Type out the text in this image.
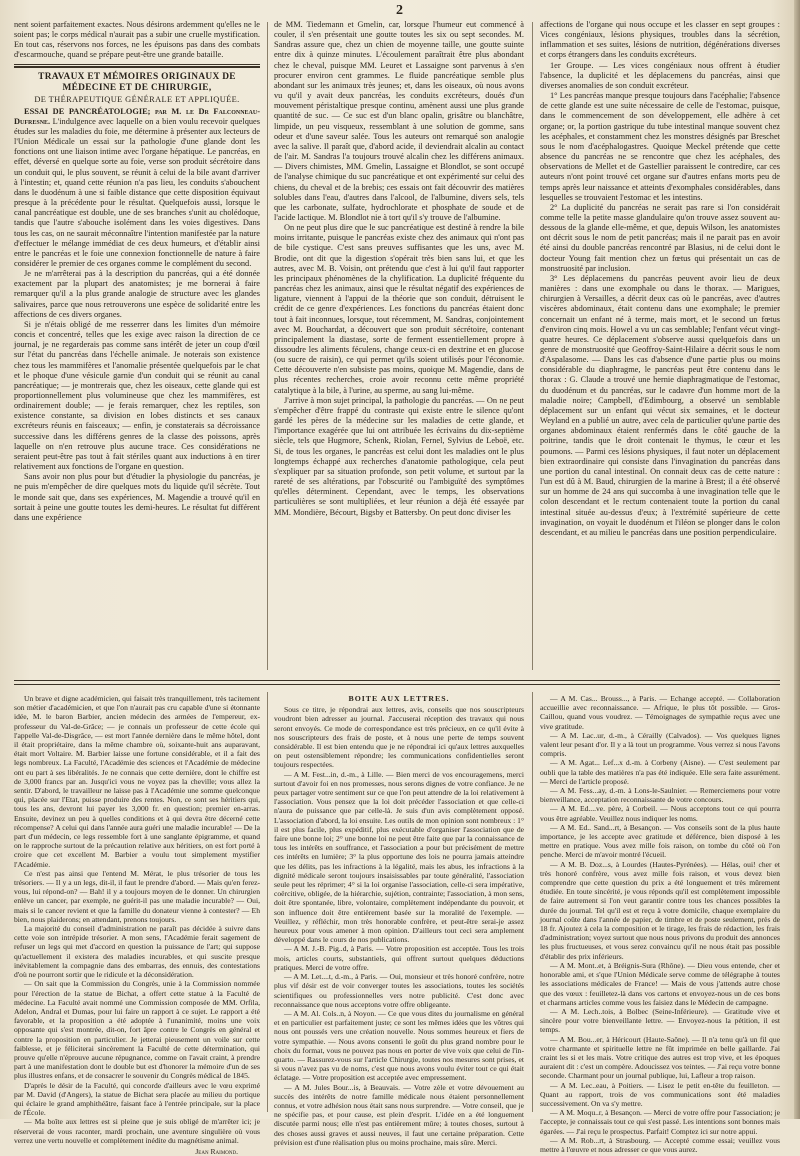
2

nent soient parfaitement exactes. Nous désirons ardemment qu'elles ne le soient pas; le corps médical n'aurait pas a subir une cruelle mystification. En tout cas, réservons nos forces, ne les épuisons pas dans des combats d'escarmouche, quand se prépare peut-être une grande bataille.

TRAVAUX ET MÉMOIRES ORIGINAUX DE MÉDECINE ET DE CHIRURGIE,

DE THÉRAPEUTIQUE GÉNÉRALE ET APPLIQUÉE.

ESSAI DE PANCRÉATOLOGIE; par M. le Dr Falconneau-Dufresne. L'indulgence avec laquelle on a bien voulu recevoir quelques études sur les maladies du foie, me détermine à présenter aux lecteurs de l'Union Médicale un essai sur la pathologie d'une glande dont les fonctions ont une liaison intime avec l'organe hépatique. Le pancréas, en effet, déversé en quelque sorte au foie, verse son produit sécrétoire dans un conduit qui, le plus souvent, se réunit à celui de la bile avant d'arriver à l'intestin; et, quand cette réunion n'a pas lieu, les conduits s'abouchent dans le duodénum à une si faible distance que cette disposition équivaut presque à la précédente pour le résultat. Quelquefois aussi, lorsque le canal pancréatique est double, une de ses branches s'unit au cholédoque, tandis que l'autre s'abouche isolément dans les voies digestives. Dans tous les cas, on ne saurait méconnaître l'intention manifestée par la nature d'effectuer le mélange immédiat de ces deux humeurs, et d'établir ainsi entre le pancréas et le foie une connexion fonctionnelle de nature à faire considérer le premier de ces organes comme le complément du second.

Je ne m'arrêterai pas à la description du pancréas, qui a été donnée exactement par la plupart des anatomistes; je me bornerai à faire remarquer qu'il a la plus grande analogie de structure avec les glandes salivaires, parce que nous retrouverons une espèce de solidarité entre les affections de ces divers organes.

Si je n'étais obligé de me resserrer dans les limites d'un mémoire concis et concentré, telles que les exige avec raison la direction de ce journal, je ne regarderais pas comme sans intérêt de jeter un coup d'œil sur l'état du pancréas dans l'échelle animale. Je noterais son existence chez tous les mammifères et l'anomalie présentée quelquefois par le chat et le phoque d'une vésicule garnie d'un conduit qui se réunit au canal pancréatique; — je montrerais que, chez les oiseaux, cette glande qui est proportionnellement plus volumineuse que chez les mammifères, est ordinairement double; — je ferais remarquer, chez les reptiles, son existence constante, sa division en lobes distincts et ses canaux excréteurs réunis en faisceaux; — enfin, je constaterais sa décroissance successive dans les différens genres de la classe des poissons, après laquelle on n'en retrouve plus aucune trace. Ces considérations ne seraient peut-être pas tout à fait stériles quant aux inductions à en tirer relativement aux fonctions de l'organe en question.

Sans avoir non plus pour but d'étudier la physiologie du pancréas, je ne puis m'empêcher de dire quelques mots du liquide qu'il sécrète. Tout le monde sait que, dans ses expériences, M. Magendie a trouvé qu'il en sortait à peine une goutte toutes les demi-heures. Le résultat fut différent dans une expérience

de MM. Tiedemann et Gmelin, car, lorsque l'humeur eut commencé à couler, il s'en présentait une goutte toutes les six ou sept secondes. M. Sandras assure que, chez un chien de moyenne taille, une goutte suinte entre dix à quinze minutes. L'écoulement paraîtrait être plus abondant chez le cheval, puisque MM. Leuret et Lassaigne sont parvenus à s'en procurer environ cent grammes. Le fluide pancréatique semble plus abondant sur les animaux très jeunes; et, dans les oiseaux, où nous avons vu qu'il y avait deux pancréas, les conduits excréteurs, doués d'un mouvement péristaltique presque continu, amènent aussi une plus grande quantité de suc. — Ce suc est d'un blanc opalin, grisâtre ou blanchâtre, limpide, un peu visqueux, ressemblant à une solution de gomme, sans odeur et d'une saveur salée. Tous les auteurs ont remarqué son analogie avec la salive. Il paraît que, d'abord acide, il deviendrait alcalin au contact de l'air. M. Sandras l'a toujours trouvé alcalin chez les différens animaux. — Divers chimistes, MM. Gmelin, Lassaigne et Blondlot, se sont occupé de l'analyse chimique du suc pancréatique et ont expérimenté sur celui des chiens, du cheval et de la brebis; ces essais ont fait découvrir des matières solubles dans l'eau, d'autres dans l'alcool, de l'albumine, divers sels, tels que les carbonate, sulfate, hydrochlorate et phosphate de soude et de l'acide lactique. M. Blondlot nie à tort qu'il s'y trouve de l'albumine.

On ne peut plus dire que le suc pancréatique est destiné à rendre la bile moins irritante, puisque le pancréas existe chez des animaux qui n'ont pas de bile cystique. C'est sans preuves suffisantes que les uns, avec M. Brodie, ont dit que la digestion s'opérait très bien sans lui, et que les autres, avec M. B. Voisin, ont prétendu que c'est à lui qu'il faut rapporter les principaux phénomènes de la chylification. La duplicité fréquente du pancréas chez les animaux, ainsi que le résultat négatif des expériences de ligature, viennent à l'appui de la théorie que son conduit, détruisent le crédit de ce genre d'expériences. Les fonctions du pancréas étaient donc tout à fait inconnues, lorsque, tout récemment, M. Sandras, conjointement avec M. Bouchardat, a découvert que son produit sécrétoire, contenant principalement la diastase, sorte de ferment essentiellement propre à dissoudre les aliments féculens, change ceux-ci en dextrine et en glucose (ou sucre de raisin), ce qui permet qu'ils soient utilisés pour l'économie. Cette découverte n'en subsiste pas moins, quoique M. Magendie, dans de plus récentes recherches, croie avoir reconnu cette même propriété catalytique à la bile, à l'urine, au sperme, au sang lui-même.

J'arrive à mon sujet principal, la pathologie du pancréas. — On ne peut s'empêcher d'être frappé du contraste qui existe entre le silence qu'ont gardé les pères de la médecine sur les maladies de cette glande, et l'importance exagérée que lui ont attribuée les écrivains du dix-septième siècle, tels que Hugmore, Schenk, Riolan, Fernel, Sylvius de Leboë, etc. Si, de tous les organes, le pancréas est celui dont les maladies ont le plus longtemps échappé aux recherches d'anatomie pathologique, cela peut s'expliquer par sa situation profonde, son petit volume, et surtout par la rareté de ses altérations, par l'obscurité ou l'ambiguïté des symptômes qu'elles déterminent. Cependant, avec le temps, les observations particulières se sont multipliées, et leur réunion a déjà été essayée par MM. Mondière, Bécourt, Bigsby et Battersby. On peut donc diviser les

affections de l'organe qui nous occupe et les classer en sept groupes : Vices congéniaux, lésions physiques, troubles dans la sécrétion, inflammation et ses suites, lésions de nutrition, dégénérations diverses et corps étrangers dans les conduits excréteurs.

1er Groupe. — Les vices congéniaux nous offrent à étudier l'absence, la duplicité et les déplacemens du pancréas, ainsi que diverses anomalies de son conduit excréteur.

1° Les pancréas manque presque toujours dans l'acéphalie; l'absence de cette glande est une suite nécessaire de celle de l'estomac, puisque, dans le commencement de son développement, elle adhère à cet organe; or, la portion gastrique du tube intestinal manque souvent chez les acéphales, et constamment chez les monstres désignés par Breschet sous le nom d'acéphalogastres. Quoique Meckel prétende que cette absence du pancréas ne se rencontre que chez les acéphales, des observations de Mellet et de Gastellier paraissent le contredire, car ces auteurs n'ont point trouvé cet organe sur d'autres enfans morts peu de temps après leur naissance et atteints d'exomphales considérables, dans lesquelles se trouvaient l'estomac et les intestins.

2° La duplicité du pancréas ne serait pas rare si l'on considérait comme telle la petite masse glandulaire qu'on trouve assez souvent au-dessous de la glande elle-même, et que, depuis Wilson, les anatomistes ont décrit sous le nom de petit pancréas; mais il ne parait pas en avoir été ainsi du double pancréas rencontré par Blasius, ni de celui dont le docteur Young fait mention chez un fœtus qui présentait un cas de monstruosité par inclusion.

3° Les déplacemens du pancréas peuvent avoir lieu de deux manières : dans une exomphale ou dans le thorax. — Marigues, chirurgien à Versailles, a décrit deux cas où le pancréas, avec d'autres viscères abdominaux, était contenu dans une exomphale; le premier concernait un enfant né à terme, mais mort, et le second un fœtus d'environ cinq mois. Howel a vu un cas semblable; l'enfant vécut vingt-quatre heures. Ce déplacement s'observe aussi quelquefois dans un genre de monstruosité que Geoffroy-Saint-Hilaire a décrit sous le nom d'Aspalasome. — Dans les cas d'absence d'une partie plus ou moins considérable du diaphragme, le pancréas peut être contenu dans le thorax : G. Claude a trouvé une hernie diaphragmatique de l'estomac, du duodénum et du pancréas, sur le cadavre d'un homme mort de la maladie noire; Campbell, d'Edimbourg, a observé un semblable déplacement sur un enfant qui vécut six semaines, et le docteur Weyland en a publié un autre, avec cela de particulier qu'une partie des organes abdominaux étaient renfermés dans le côté gauche de la poitrine, tandis que le droit contenait le thymus, le cœur et les poumons. — Parmi ces lésions physiques, il faut noter un déplacement bien extraordinaire qui consiste dans l'invagination du pancréas dans une portion du canal intestinal. On connait deux cas de cette nature : l'un est dû à M. Baud, chirurgien de la marine à Brest; il a été observé sur un homme de 24 ans qui succomba à une invagination telle que le colon descendant et le rectum contenaient toute la portion du canal intestinal située au-dessus d'eux; à l'extrémité supérieure de cette invagination, on voyait le duodénum et l'iléon se plonger dans le colon descendant, et au milieu le pancréas dans une position perpendiculaire.

Un brave et digne académicien, qui faisait très tranquillement, très tacitement son métier d'académicien, et que l'on n'aurait pas cru capable d'une si étonnante idée, M. le baron Barbier, ancien médecin des armées de l'empereur, ex-professeur du Val-de-Grâce; — je connais un professeur de cette école qui l'appelle Val-de-Disgrâce, — est mort l'année dernière dans le même hôtel, dont il était propriétaire, dans la même chambre où, soixante-huit ans auparavant, était mort Voltaire. M. Barbier laisse une fortune considérable, et il a fait des legs nombreux. La Faculté, l'Académie des sciences et l'Académie de médecine ont eu part à ses libéralités. Je ne connais que cette dernière, dont le chiffre est de 3,000 francs par an. Jusqu'ici vous ne voyez pas la cheville; vous allez la sentir. D'abord, le travailleur ne laisse pas à l'Académie une somme quelconque qui, placée sur l'Etat, puisse produire des rentes. Non, ce sont ses héritiers qui, tous les ans, devront lui payer les 3,000 fr. en question; premier en-arras. Ensuite, devinez un peu à quelles conditions et à qui devra être décerné cette récompense? A celui qui dans l'année aura guéri une maladie incurable! — De la part d'un médecin, ce legs ressemble fort à une sanglante épigramme, et quand on le rapproche surtout de la précaution relative aux héritiers, on est fort porté à croire que cet excellent M. Barbier a voulu tout simplement mystifier l'Académie.

Ce n'est pas ainsi que l'entend M. Mérat, le plus trésorier de tous les trésoriers. — Il y a un legs, dit-il, il faut le prendre d'abord. — Mais qu'en ferez-vous, lui répond-on? — Bah! il y a toujours moyen de le donner. Un chirurgien enlève un cancer, par exemple, ne guérit-il pas une maladie incurable? — Oui, mais si le cancer revient et que la famille du donateur vienne à contester? — Eh bien, nous plaiderons; en attendant, prenons toujours.

La majorité du conseil d'administration ne paraît pas décidée à suivre dans cette voie son intrépide trésorier. A mon sens, l'Académie ferait sagement de refuser un legs qui met d'accord en question la puissance de l'art; qui suppose qu'actuellement il existera des maladies incurables, et qui suscite presque inévitablement la compagnie dans des embarras, des ennuis, des contestations d'où ne pourront sortir que le ridicule et la déconsidération.

— On sait que la Commission du Congrès, unie à la Commission nommée pour l'érection de la statue de Bichat, a offert cette statue à la Faculté de médecine. La Faculté avait nommé une Commission composée de MM. Orfila, Adelon, Andral et Dumas, pour lui faire un rapport à ce sujet. Le rapport a été favorable, et la proposition a été adoptée à l'unanimité, moins une voix opposante qui s'est montrée, dit-on, fort âpre contre le Congrès en général et contre la proposition en particulier. Je jetterai pieusement un voile sur cette faiblesse, et je féliciterai sincèrement la Faculté de cette détermination, qui prouve qu'elle n'éprouve aucune répugnance, comme on l'avait craint, à prendre part à une manifestation dont le double but est d'honorer la mémoire d'un de ses plus illustres enfans, et de consacrer le souvenir du Congrès médical de 1845.

D'après le désir de la Faculté, qui concorde d'ailleurs avec le vœu exprimé par M. David (d'Angers), la statue de Bichat sera placée au milieu du portique qui éclaire le grand amphithéâtre, faisant face à l'entrée principale, sur la place de l'École.

— Ma boîte aux lettres est si pleine que je suis obligé de m'arrêter ici; je réserverai de vous raconter, mardi prochain, une aventure singulière où vous verrez une vertu nouvelle et complètement inédite du magnétisme animal.

Jean Raimond.

BOITE AUX LETTRES.

Sous ce titre, je répondrai aux lettres, avis, conseils que nos souscripteurs voudront bien adresser au journal. J'accuserai réception des travaux qui nous seront envoyés. Ce mode de correspondance est très précieux, en ce qu'il évite à nos souscripteurs des frais de poste, et à nous une perte de temps souvent considérable. Il est bien entendu que je ne répondrai ici qu'aux lettres auxquelles on peut ostensiblement répondre; les communications confidentielles seront toujours respectées.

— A M. Fest...in, d.-m., à Lille. — Bien merci de vos encouragemens, merci surtout d'avoir foi en nos promesses, nous serons dignes de votre confiance. Je ne peux partager votre sentiment sur ce que l'on peut attendre de la loi relativement à l'association. Vous pensez que la loi doit précéder l'association et que celle-ci n'aura de puissance que par celle-là. Je suis d'un avis complètement opposé. L'association d'abord, la loi ensuite. Les outils de mon opinion sont nombreux : 1° il est plus facile, plus expéditif, plus exécutable d'organiser l'association que de faire une bonne loi; 2° une bonne loi ne peut être faite que par la connaissance de tous les intérêts en souffrance, et l'association a pour but précisément de mettre ces intérêts en lumière; 3° la plus opportune des lois ne pourra jamais atteindre que les délits, pas les infractions à la légalité, mais les abus, les infractions à la dignité médicale seront toujours insaisissables par toute généralité, l'association seule peut les réprimer; 4° si la loi organise l'association, celle-ci sera impérative, coërcitive, obligée, de la hiérarchie, sujétion, contrainte; l'association, à mon sens, doit être spontanée, libre, volontaire, complètement indépendante du pouvoir, et son influence doit être entièrement basée sur la moralité de l'exemple. — Veuillez, y réfléchir, mon très honorable confrère, et peut-être serai-je assez heureux pour vous amener à mon opinion. D'ailleurs tout ceci sera amplement développé dans le cours de nos publications.

— A M. J.-B. Pig..d, à Paris. — Votre proposition est acceptée. Tous les trois mois, articles courts, substantiels, qui offrent surtout quelques déductions pratiques. Merci de votre offre.

— A M. Let....t, d.-m., à Paris. — Oui, monsieur et très honoré confrère, notre plus vif désir est de voir converger toutes les associations, toutes les sociétés scientifiques ou professionnelles vers notre publicité. C'est donc avec reconnaissance que nous acceptons votre offre obligeante.

— A M. Al. Cols..n, à Noyon. — Ce que vous dites du journalisme en général et en particulier est parfaitement juste; ce sont les mêmes idées que les vôtres qui nous ont poussés vers une création nouvelle. Nous sommes heureux et fiers de votre sympathie. — Nous avons consenti le goût du plus grand nombre pour le choix du format, vous ne pouvez pas nous en porter de vive voix que celui de l'in-quarto. — Rassurez-vous sur l'article Chirurgie, toutes nos mesures sont prises, et si vous n'avez pas vu de noms, c'est que nous avons voulu éviter tout ce qui était éclatage. — Votre proposition est acceptée avec empressement.

— A M. Jules Bour...is, à Beauvais. — Votre zèle et votre dévouement au succès des intérêts de notre famille médicale nous étaient personnellement connus, et votre adhésion nous était sans nous surprendre. — Votre conseil, que je ne spécifie pas, et pour cause, est plein d'esprit. L'idée en a été longuement discutée parmi nous; elle n'est pas entièrement mûre; à toutes choses, surtout à des choses aussi graves et aussi neuves, il faut une certaine préparation. Cette prévision est d'une réalisation plus ou moins prochaine, mais sûre. Merci.

— A M. Cas... Brouss..., à Paris. — Echange accepté. — Collaboration accueillie avec reconnaissance. — Afrique, le plus tôt possible. — Gros-Caillou, quand vous voudrez. — Témoignages de sympathie reçus avec une vive gratitude.

— A M. Lac..ur, d.-m., à Cérailly (Calvados). — Vos quelques lignes valent leur pesant d'or. Il y a là tout un programme. Vous verrez si nous l'avons compris.

— A M. Agat... Lef...x d.-m. à Corbeny (Aisne). — C'est seulement par oubli que la table des matières n'a pas été indiquée. Elle sera faite assurément. — Merci de l'article proposé.

— A M. Fess...ay, d.-m. à Lons-le-Saulnier. — Remerciemens pour votre bienveillance, acceptation reconnaissante de votre concours.

— A M. Ed....ve. père, à Corbeil. — Nous acceptons tout ce qui pourra vous être agréable. Veuillez nous indiquer les noms.

— A M. Ed.. Sand...rt, à Besançon. — Vos conseils sont de la plus haute importance, je les accepte avec gratitude et déférence, bien disposé à les mettre en pratique. Vous avez mille fois raison, on tombe du côté où l'on penche. Merci de m'avoir montré l'écueil.

— A M. B. Doz...s, à Lourdes (Hautes-Pyrénées). — Hélas, oui! cher et très honoré confrère, vous avez mille fois raison, et vous devez bien comprendre que cette question du prix a été longuement et très mûrement étudiée. En toute sincérité, je vous réponds qu'il est complètement impossible de faire autrement si l'on veut garantir contre tous les chances possibles la durée du journal. Tel qu'il est et reçu à votre domicile, chaque exemplaire du journal coûte dans l'année de papier, de timbre et de poste seulement, près de 18 fr. Ajoutez à cela la composition et le tirage, les frais de rédaction, les frais d'administration; voyez surtout que nous nous privons du produit des annonces les plus fructueuses, et vous serez convaincu qu'il ne nous était pas possible d'établir des prix inférieurs.

— A M. Mont..et, à Bréignis-Sura (Rhône). — Dieu vous entende, cher et honorable ami, et s'que l'Union Médicale serve comme de télégraphe à toutes les associations médicales de France! — Mais de vous j'attends autre chose que des vœux : feuilletez-là dans vos cartons et envoyez-nous un de ces bons et charmans articles comme vous les faisiez dans le Médecin de campagne.

— A M. Lech..tois, à Bolbec (Seine-Inférieure). — Gratitude vive et sincère pour votre bienveillante lettre. — Envoyez-nous la pétition, il est temps.

— A M. Bou...er, à Héricourt (Haute-Saône). — Il n'a tenu qu'à un fil que votre charmante et spirituelle lettre ne fût imprimée en belle gaillarde. J'ai craint les si et les mais. Votre critique des autres est trop vive, et les époques auraient dit : c'est un compère. Adoucissez vos teintes. — J'ai reçu votre bonne seconde. Charmant pour un journal publique, lui, Lafleur a trop raison.

— A M. Lec..eau, à Poitiers. — Lisez le petit en-tête du feuilleton. — Quant au rapport, trois de vos communications sont été maladies successivement. On va s'y mettre.

— A M. Moqu..r, à Besançon. — Merci de votre offre pour l'association; je l'accepte, je connaissais tout ce qui s'est passé. Les intentions sont bonnes mais égarées. — J'ai reçu le prospectus. Parfait! Comptez ici sur notre appui.

— A M. Rob...rt, à Strasbourg. — Accepté comme essai; veuillez vous mettre à l'œuvre et nous adresser ce que vous aurez.
